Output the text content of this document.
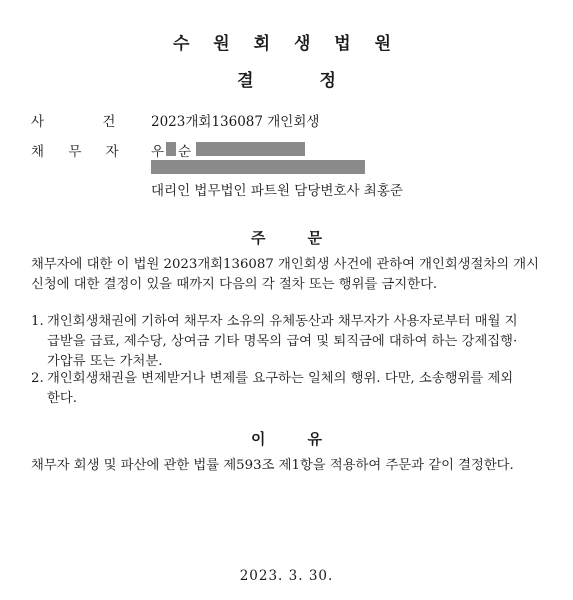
수 원 회 생 법 원
결	정
사 건 2023개회136087 개인회생
채 무 자 우 순
대리인 법무법인 파트원 담당변호사 최홍준
주	문
채무자에 대한 이 법원 2023개회136087 개인회생 사건에 관하여 개인회생절차의 개시
신청에 대한 결정이 있을 때까지 다음의 각 절차 또는 행위를 금지한다.
1. 개인회생채권에 기하여 채무자 소유의 유체동산과 채무자가 사용자로부터 매월 지
급받을 급료, 제수당, 상여금 기타 명목의 급여 및 퇴직금에 대하여 하는 강제집행·
가압류 또는 가처분.
2. 개인회생채권을 변제받거나 변제를 요구하는 일체의 행위. 다만, 소송행위를 제외
한다.
이	유
채무자 회생 및 파산에 관한 법률 제593조 제1항을 적용하여 주문과 같이 결정한다.
2023. 3. 30.
